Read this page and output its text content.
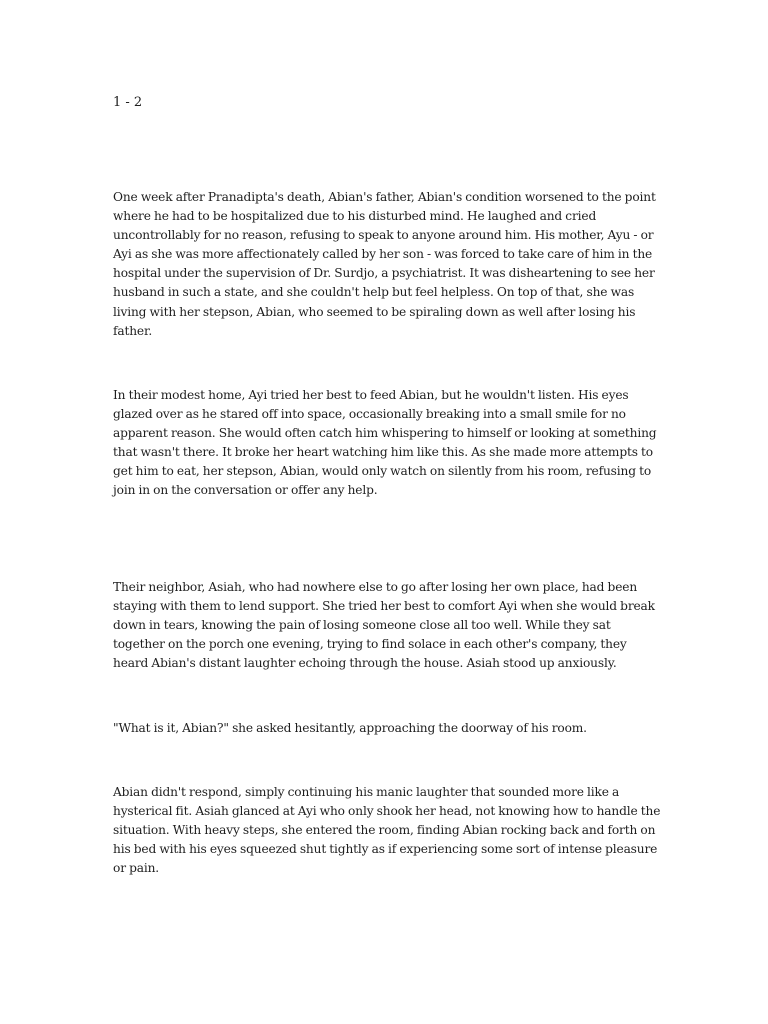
1 - 2

One week after Pranadipta's death, Abian's father, Abian's condition worsened to the point where he had to be hospitalized due to his disturbed mind. He laughed and cried uncontrollably for no reason, refusing to speak to anyone around him. His mother, Ayu - or Ayi as she was more affectionately called by her son - was forced to take care of him in the hospital under the supervision of Dr. Surdjo, a psychiatrist. It was disheartening to see her husband in such a state, and she couldn't help but feel helpless. On top of that, she was living with her stepson, Abian, who seemed to be spiraling down as well after losing his father.

In their modest home, Ayi tried her best to feed Abian, but he wouldn't listen. His eyes glazed over as he stared off into space, occasionally breaking into a small smile for no apparent reason. She would often catch him whispering to himself or looking at something that wasn't there. It broke her heart watching him like this. As she made more attempts to get him to eat, her stepson, Abian, would only watch on silently from his room, refusing to join in on the conversation or offer any help.

Their neighbor, Asiah, who had nowhere else to go after losing her own place, had been staying with them to lend support. She tried her best to comfort Ayi when she would break down in tears, knowing the pain of losing someone close all too well. While they sat together on the porch one evening, trying to find solace in each other's company, they heard Abian's distant laughter echoing through the house. Asiah stood up anxiously.

"What is it, Abian?" she asked hesitantly, approaching the doorway of his room.

Abian didn't respond, simply continuing his manic laughter that sounded more like a hysterical fit. Asiah glanced at Ayi who only shook her head, not knowing how to handle the situation. With heavy steps, she entered the room, finding Abian rocking back and forth on his bed with his eyes squeezed shut tightly as if experiencing some sort of intense pleasure or pain.
